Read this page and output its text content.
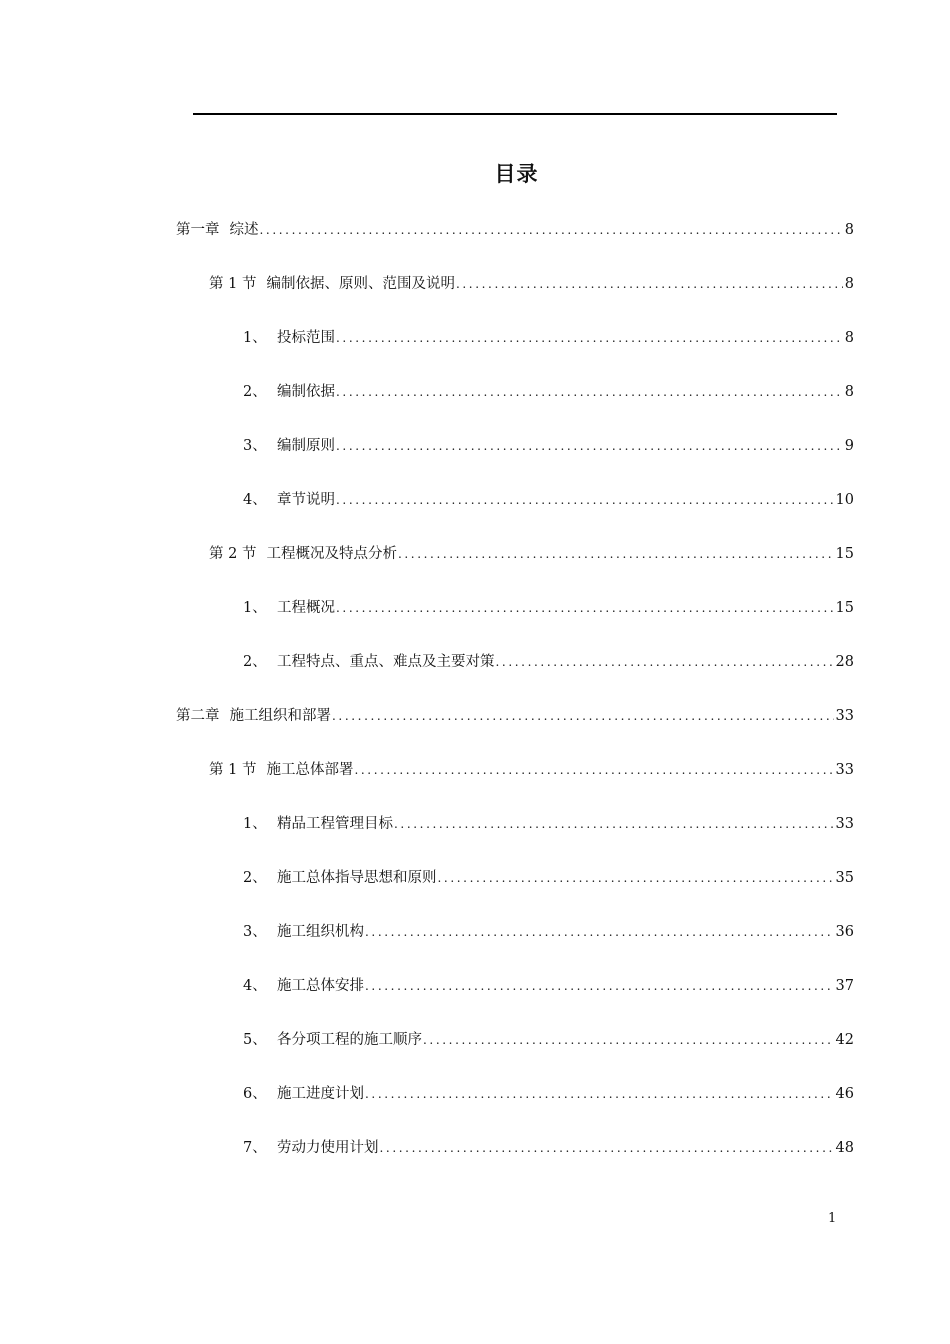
目录
第一章 综述 .....	8
第 1 节 编制依据、原则、范围及说明 .....	8
1、 投标范围 .....	8
2、 编制依据 .....	8
3、 编制原则 .....	9
4、 章节说明 .....	10
第 2 节 工程概况及特点分析 .....	15
1、 工程概况 .....	15
2、 工程特点、重点、难点及主要对策 .....	28
第二章 施工组织和部署 .....	33
第 1 节 施工总体部署 .....	33
1、 精品工程管理目标 .....	33
2、 施工总体指导思想和原则 .....	35
3、 施工组织机构 .....	36
4、 施工总体安排 .....	37
5、 各分项工程的施工顺序 .....	42
6、 施工进度计划 .....	46
7、 劳动力使用计划 .....	48
1
